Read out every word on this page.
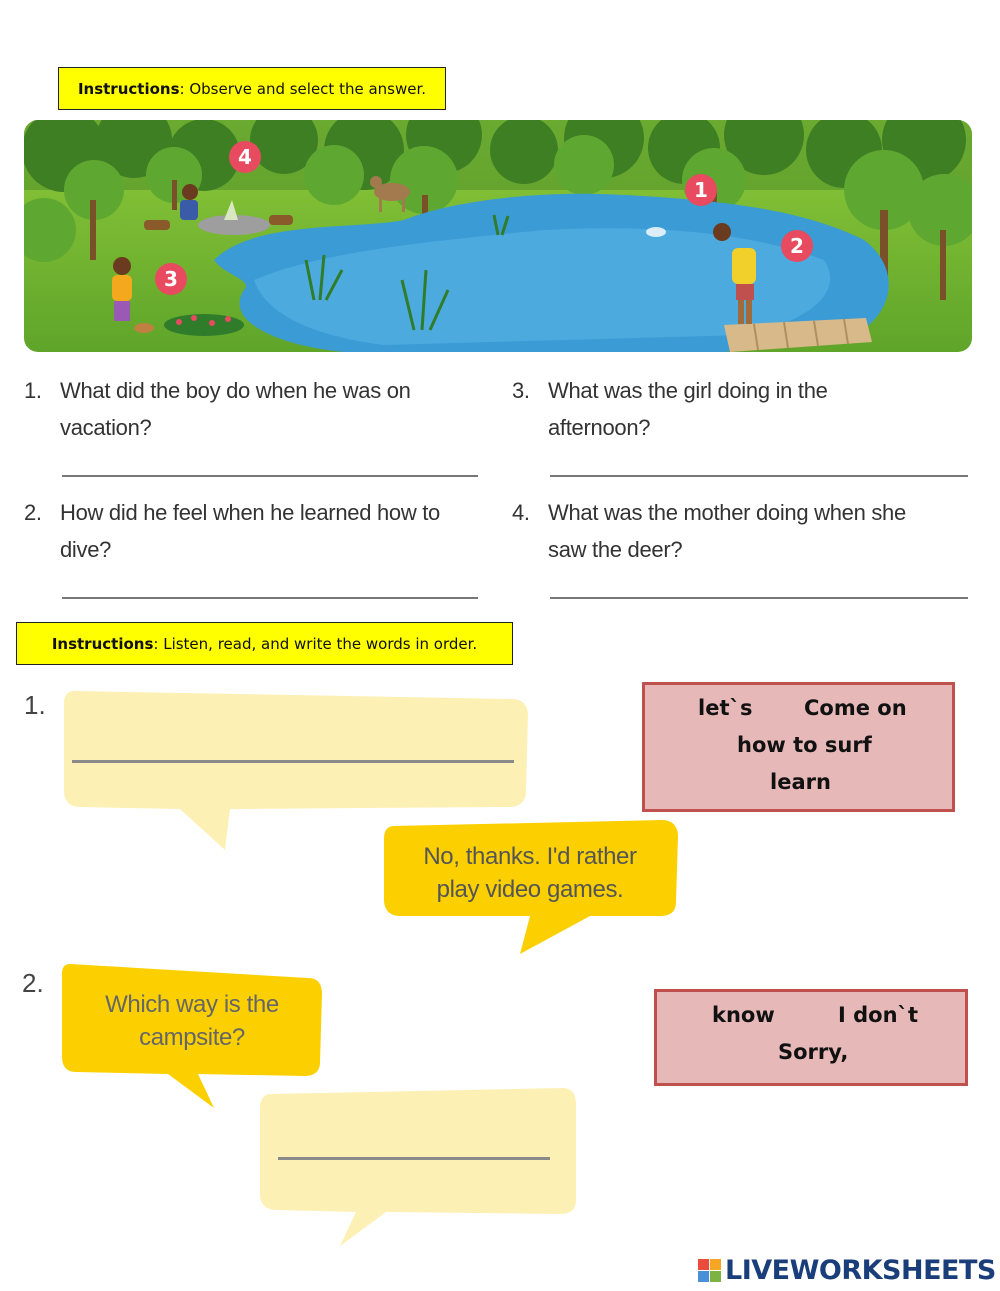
Instructions: Observe and select the answer.
4
1
2
3
1. What did the boy do when he was on vacation?
3. What was the girl doing in the afternoon?
2. How did he feel when he learned how to dive?
4. What was the mother doing when she saw the deer?
Instructions: Listen, read, and write the words in order.
1.
No, thanks. I'd rather
play video games.
let`s Come on
how to surf
learn
2.
Which way is the
campsite?
know	I don`t
Sorry,
LIVEWORKSHEETS
